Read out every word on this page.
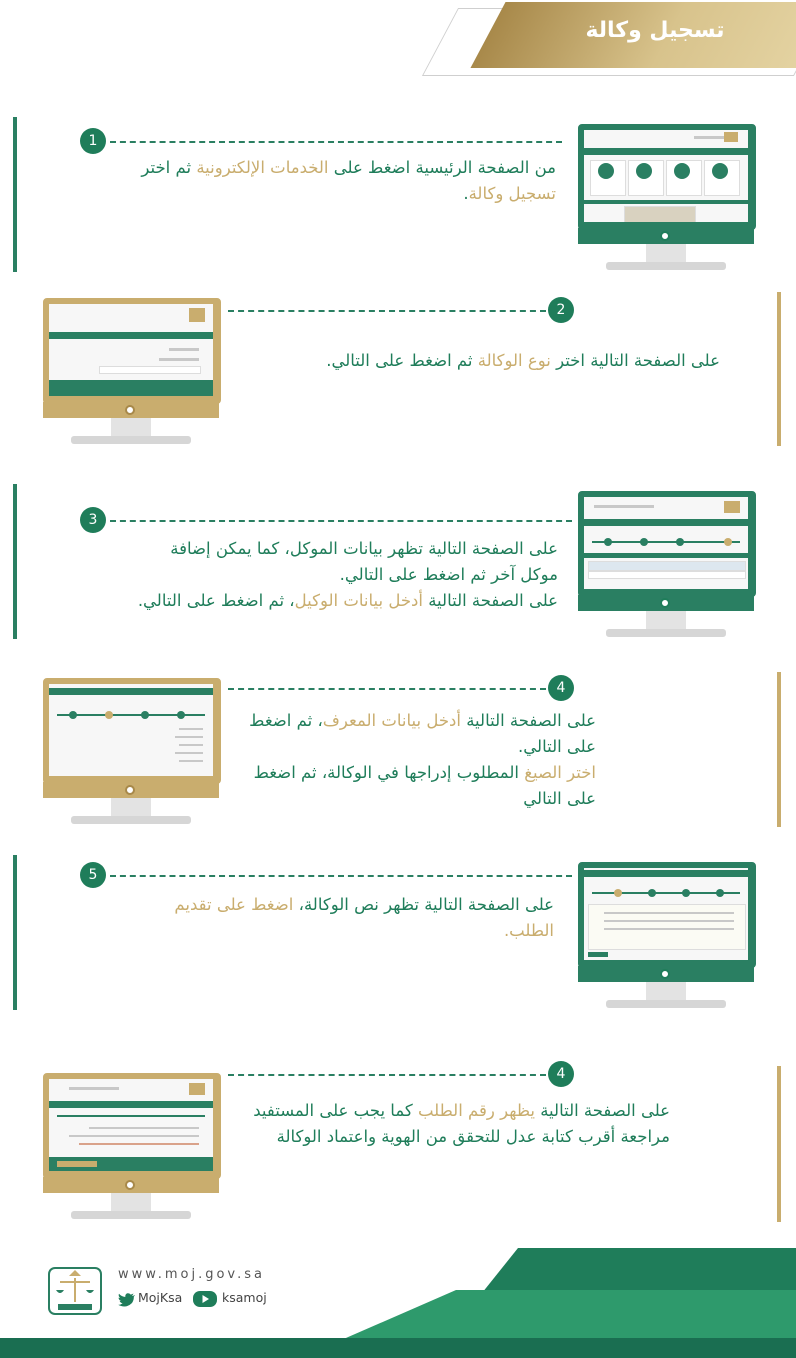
تسجيل وكالة
1
من الصفحة الرئيسية اضغط على الخدمات الإلكترونية ثم اختر تسجيل وكالة.
2
على الصفحة التالية اختر نوع الوكالة ثم اضغط على التالي.
3
على الصفحة التالية تظهر بيانات الموكل، كما يمكن إضافة موكل آخر ثم اضغط على التالي.
على الصفحة التالية أدخل بيانات الوكيل، ثم اضغط على التالي.
4
على الصفحة التالية أدخل بيانات المعرف، ثم اضغط على التالي.
اختر الصيغ المطلوب إدراجها في الوكالة، ثم اضغط على التالي
5
على الصفحة التالية تظهر نص الوكالة، اضغط على تقديم الطلب.
4
على الصفحة التالية يظهر رقم الطلب كما يجب على المستفيد مراجعة أقرب كتابة عدل للتحقق من الهوية واعتماد الوكالة
www.moj.gov.sa
MojKsa	ksamoj
